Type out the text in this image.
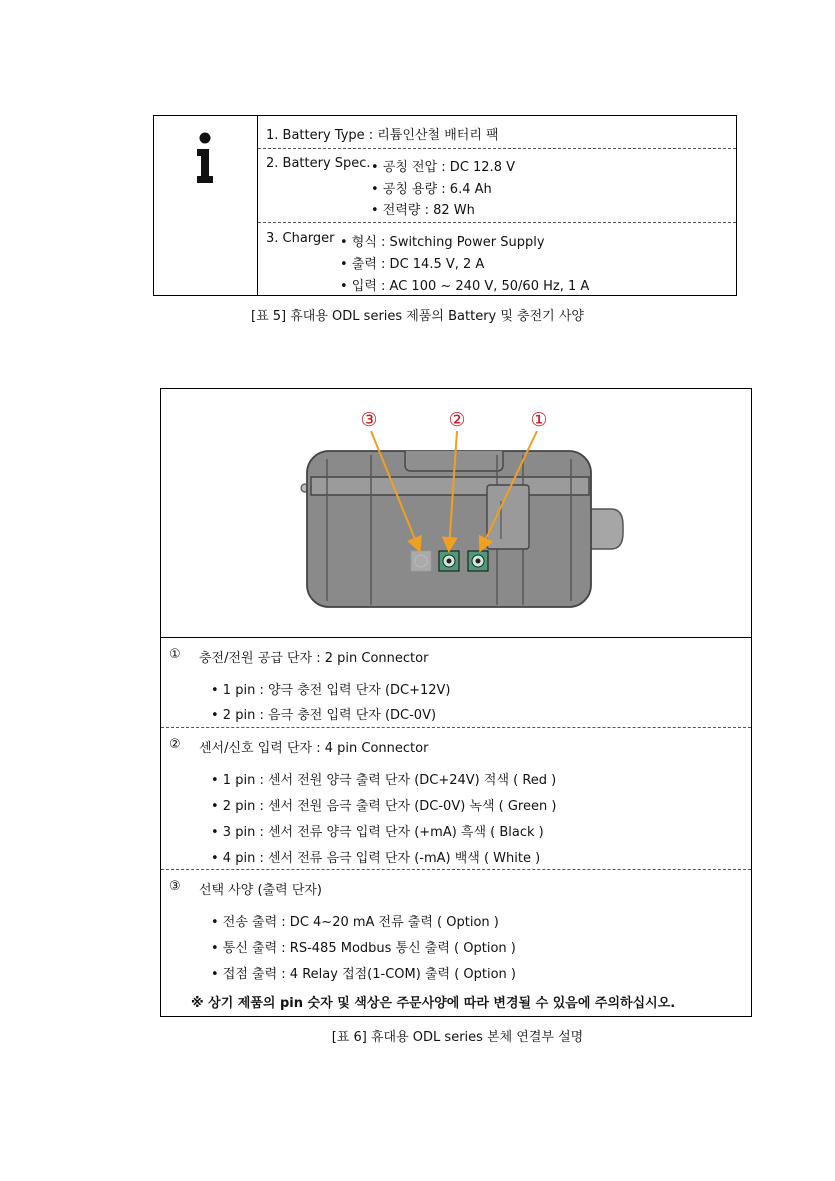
1. Battery Type : 리튬인산철 배터리 팩
2. Battery Spec. • 공칭 전압 : DC 12.8 V
• 공칭 용량 : 6.4 Ah
• 전력량 : 82 Wh
3. Charger • 형식 : Switching Power Supply
• 출력 : DC 14.5 V, 2 A
• 입력 : AC 100 ~ 240 V, 50/60 Hz, 1 A
[표 5] 휴대용 ODL series 제품의 Battery 및 충전기 사양
③	②	①
① 충전/전원 공급 단자 : 2 pin Connector
• 1 pin : 양극 충전 입력 단자 (DC+12V)
• 2 pin : 음극 충전 입력 단자 (DC-0V)
② 센서/신호 입력 단자 : 4 pin Connector
• 1 pin : 센서 전원 양극 출력 단자 (DC+24V) 적색 ( Red )
• 2 pin : 센서 전원 음극 출력 단자 (DC-0V) 녹색 ( Green )
• 3 pin : 센서 전류 양극 입력 단자 (+mA) 흑색 ( Black )
• 4 pin : 센서 전류 음극 입력 단자 (-mA) 백색 ( White )
③ 선택 사양 (출력 단자)
• 전송 출력 : DC 4~20 mA 전류 출력 ( Option )
• 통신 출력 : RS-485 Modbus 통신 출력 ( Option )
• 접점 출력 : 4 Relay 접점(1-COM) 출력 ( Option )
※ 상기 제품의 pin 숫자 및 색상은 주문사양에 따라 변경될 수 있음에 주의하십시오.
[표 6] 휴대용 ODL series 본체 연결부 설명
